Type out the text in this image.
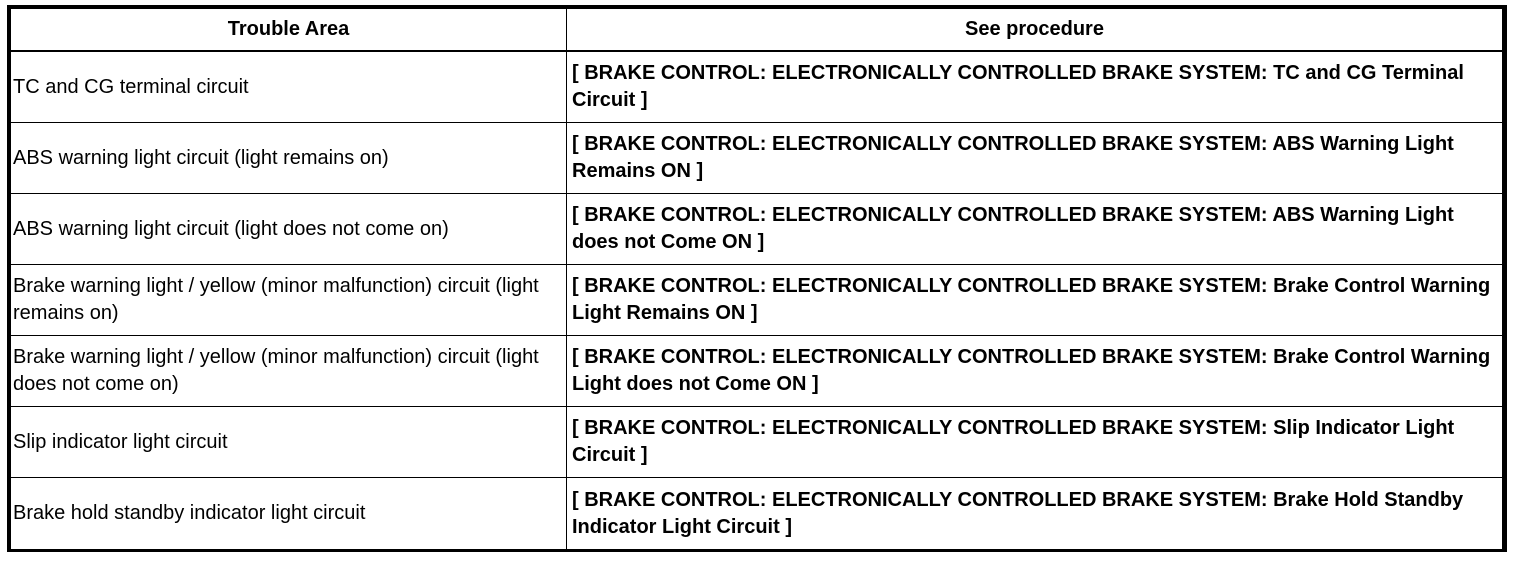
Trouble Area	See procedure
TC and CG terminal circuit	[ BRAKE CONTROL: ELECTRONICALLY CONTROLLED BRAKE SYSTEM: TC and CG Terminal Circuit ]
ABS warning light circuit (light remains on)	[ BRAKE CONTROL: ELECTRONICALLY CONTROLLED BRAKE SYSTEM: ABS Warning Light Remains ON ]
ABS warning light circuit (light does not come on)	[ BRAKE CONTROL: ELECTRONICALLY CONTROLLED BRAKE SYSTEM: ABS Warning Light does not Come ON ]
Brake warning light / yellow (minor malfunction) circuit (light remains on)	[ BRAKE CONTROL: ELECTRONICALLY CONTROLLED BRAKE SYSTEM: Brake Control Warning Light Remains ON ]
Brake warning light / yellow (minor malfunction) circuit (light does not come on)	[ BRAKE CONTROL: ELECTRONICALLY CONTROLLED BRAKE SYSTEM: Brake Control Warning Light does not Come ON ]
Slip indicator light circuit	[ BRAKE CONTROL: ELECTRONICALLY CONTROLLED BRAKE SYSTEM: Slip Indicator Light Circuit ]
Brake hold standby indicator light circuit	[ BRAKE CONTROL: ELECTRONICALLY CONTROLLED BRAKE SYSTEM: Brake Hold Standby Indicator Light Circuit ]
